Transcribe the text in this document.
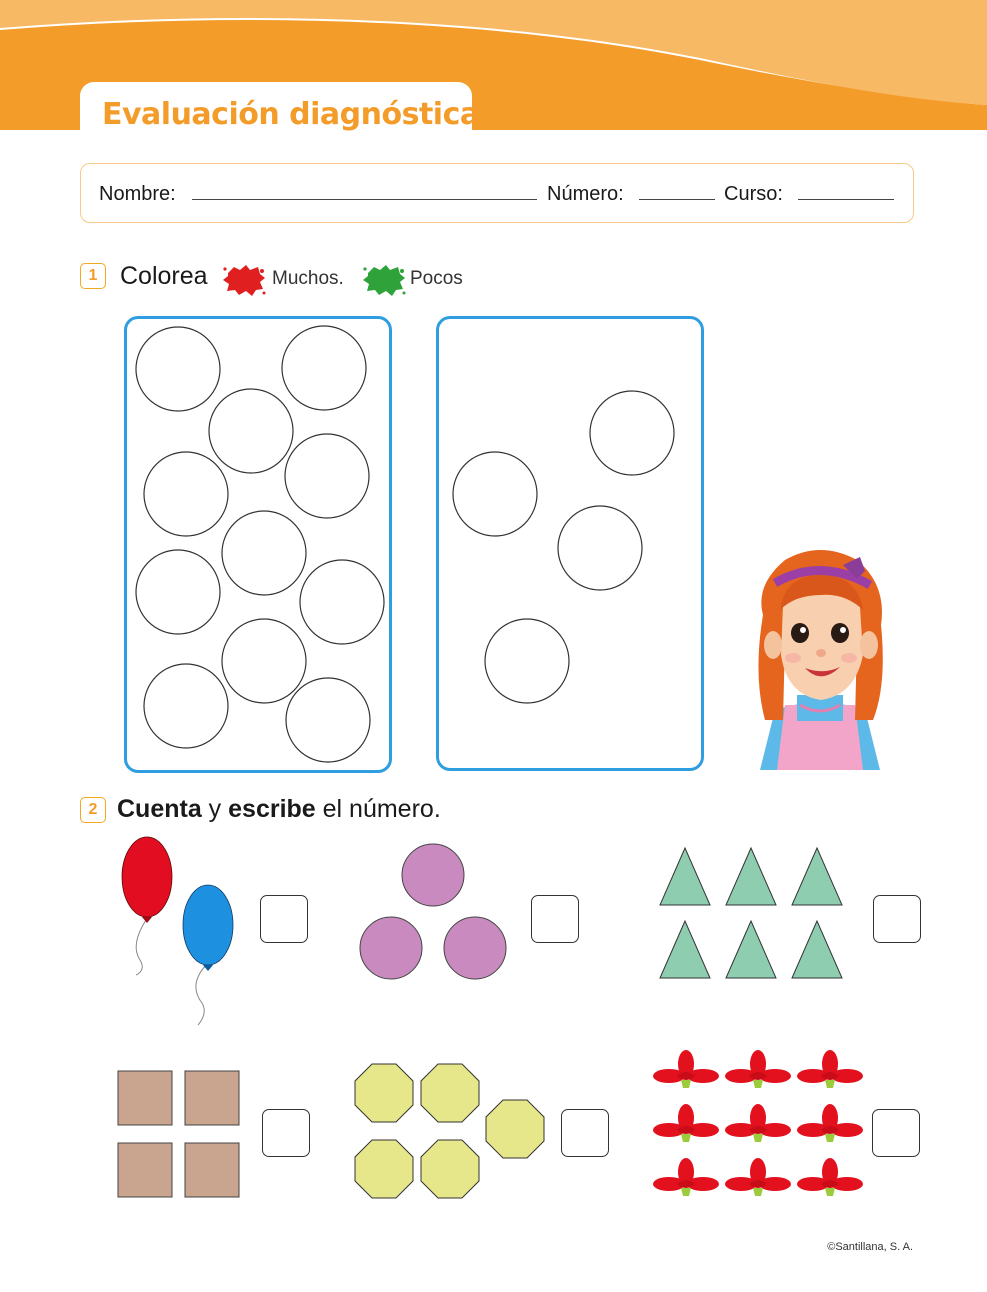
Evaluación diagnóstica
Nombre:	Número:	Curso:
1 Colorea	Muchos.	Pocos
2 Cuenta y escribe el número.
©Santillana, S. A.
